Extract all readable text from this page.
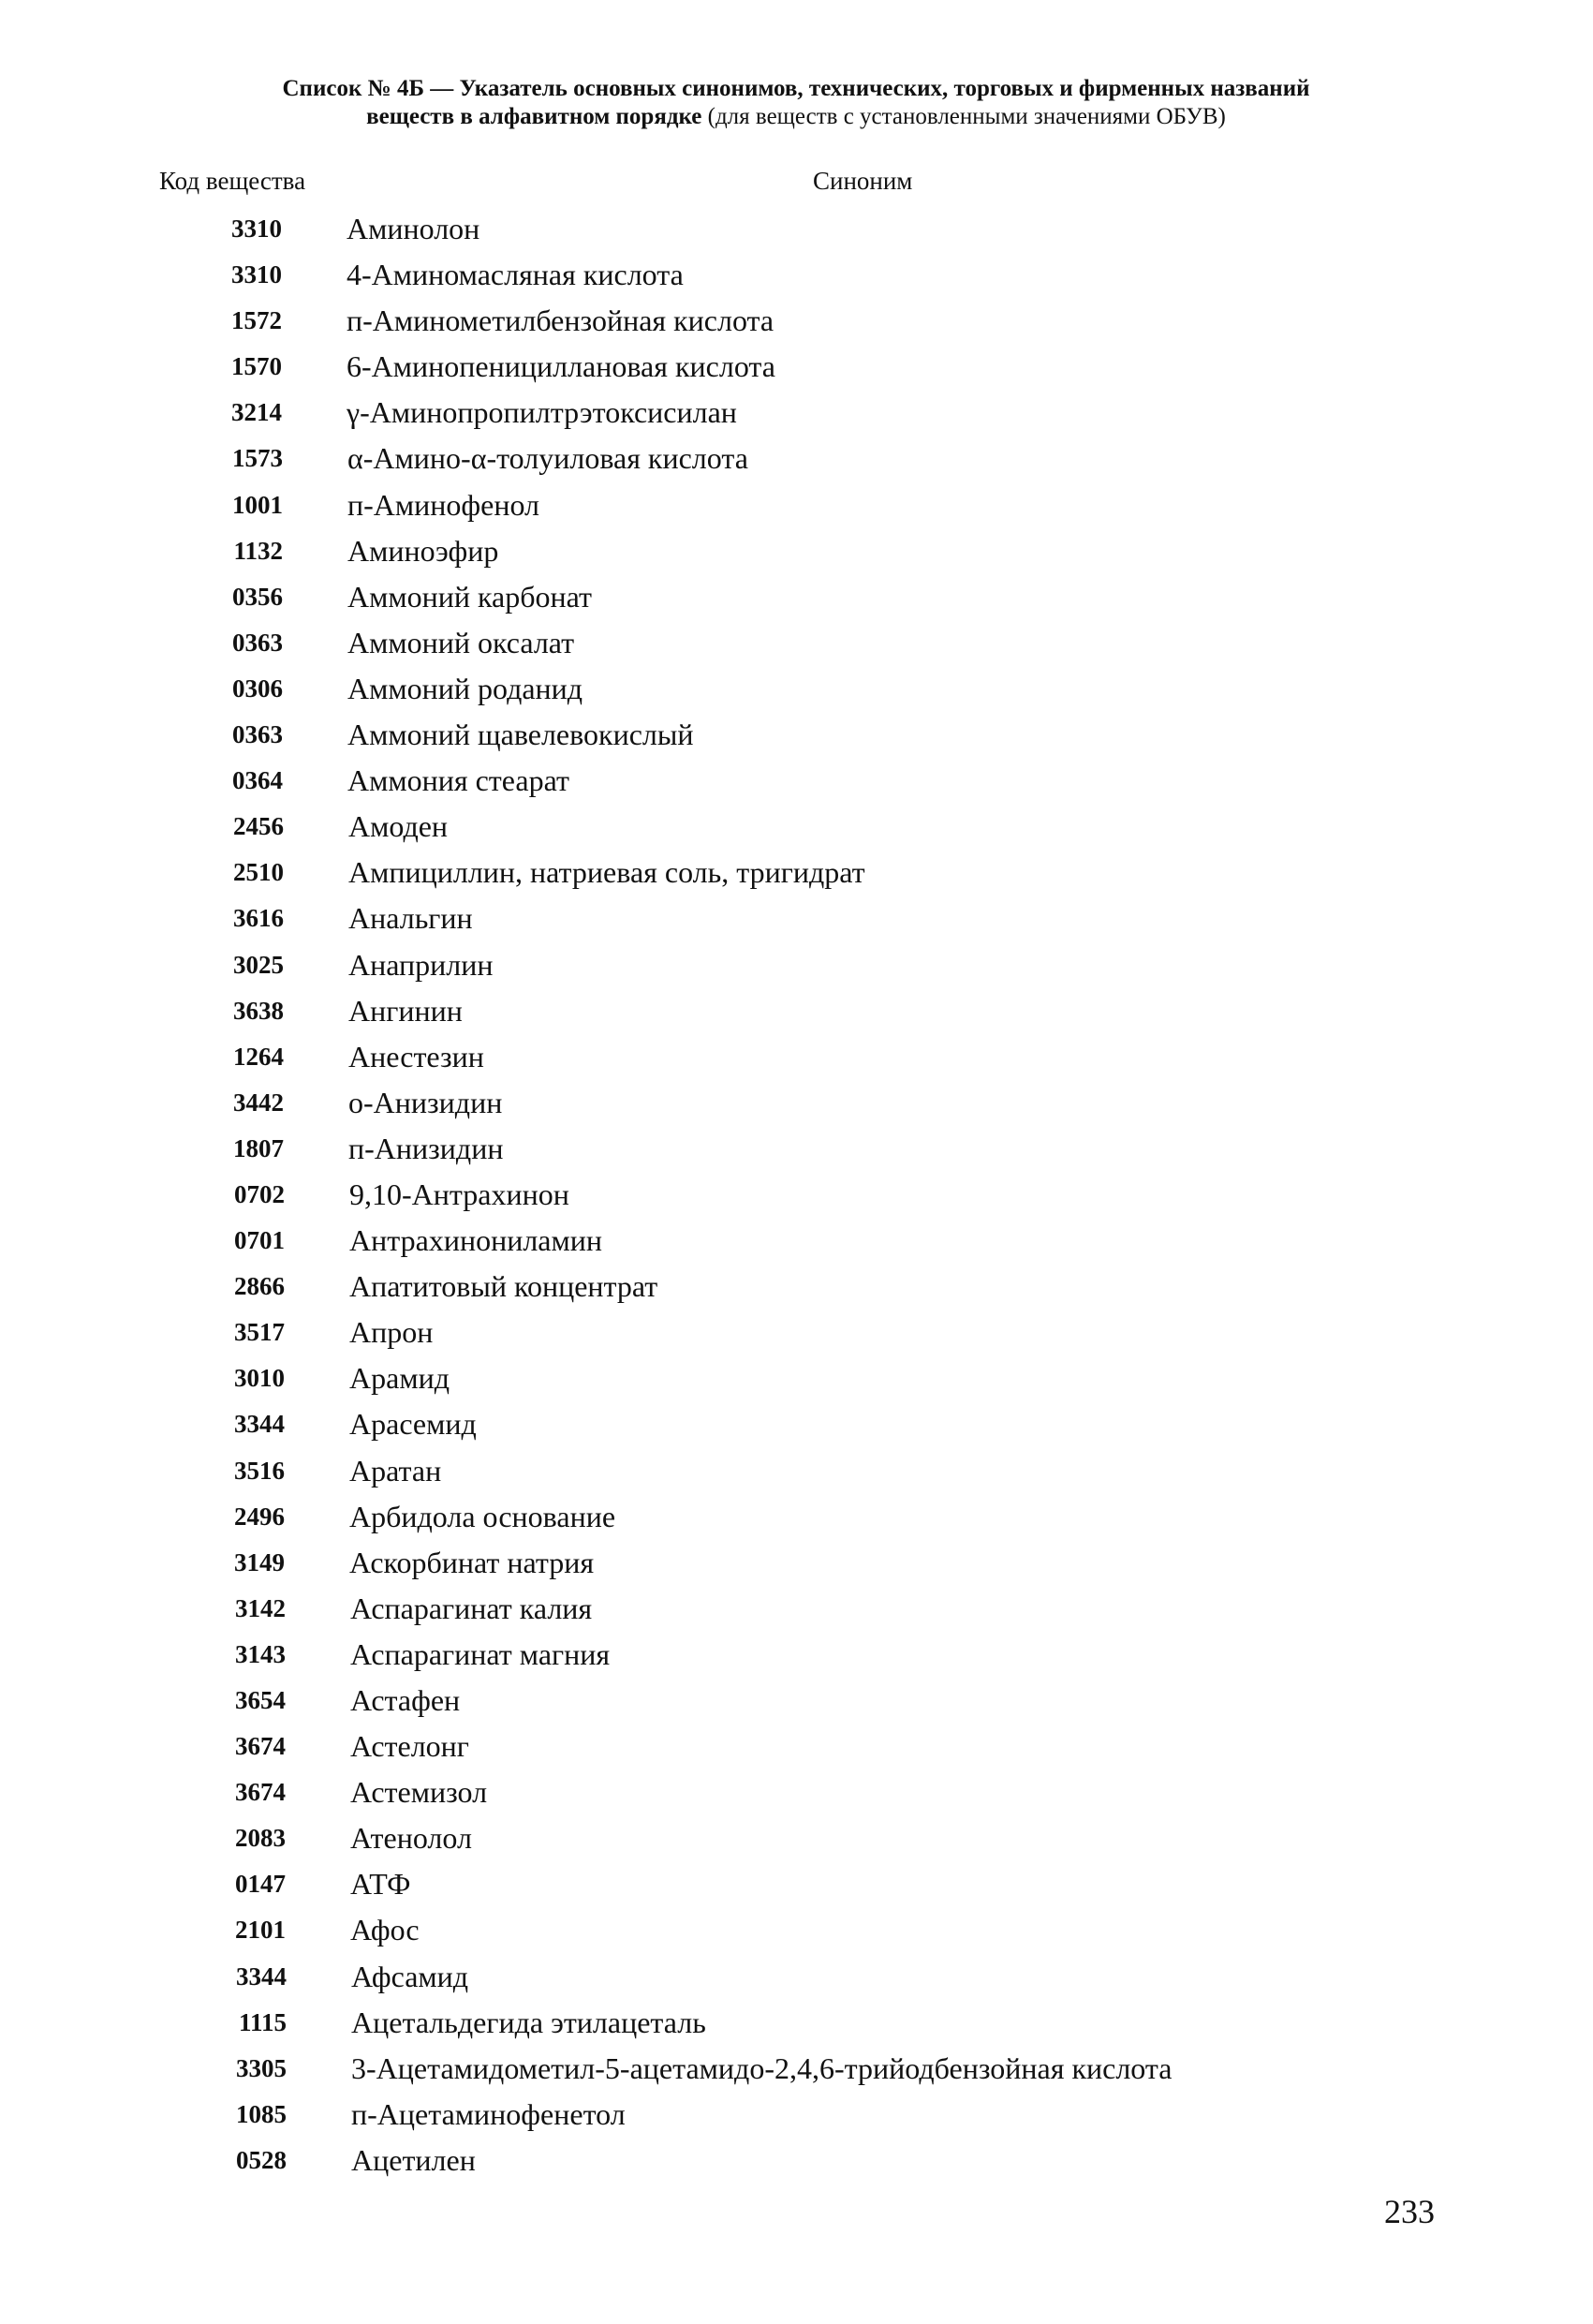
Список № 4Б — Указатель основных синонимов, технических, торговых и фирменных названий
веществ в алфавитном порядке (для веществ с установленными значениями ОБУВ)
Код вещества	Синоним
3310 Аминолон
3310 4-Аминомасляная кислота
1572 п-Аминометилбензойная кислота
1570 6-Аминопенициллановая кислота
3214 γ-Аминопропилтрэтоксисилан
1573 α-Амино-α-толуиловая кислота
1001 п-Аминофенол
1132 Аминоэфир
0356 Аммоний карбонат
0363 Аммоний оксалат
0306 Аммоний роданид
0363 Аммоний щавелевокислый
0364 Аммония стеарат
2456 Амоден
2510 Ампициллин, натриевая соль, тригидрат
3616 Анальгин
3025 Анаприлин
3638 Ангинин
1264 Анестезин
3442 о-Анизидин
1807 п-Анизидин
0702 9,10-Антрахинон
0701 Антрахинониламин
2866 Апатитовый концентрат
3517 Апрон
3010 Арамид
3344 Арасемид
3516 Аратан
2496 Арбидола основание
3149 Аскорбинат натрия
3142 Аспарагинат калия
3143 Аспарагинат магния
3654 Астафен
3674 Астелонг
3674 Астемизол
2083 Атенолол
0147 АТФ
2101 Афос
3344 Афсамид
1115 Ацетальдегида этилацеталь
3305 3-Ацетамидометил-5-ацетамидо-2,4,6-трийодбензойная кислота
1085 п-Ацетаминофенетол
0528 Ацетилен
233
